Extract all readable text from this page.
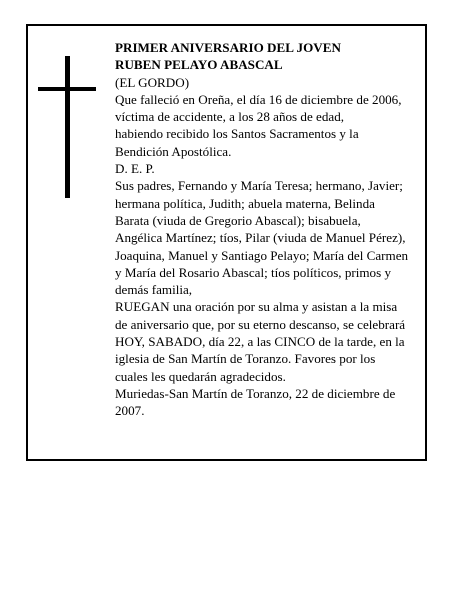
PRIMER ANIVERSARIO DEL JOVEN

RUBEN PELAYO ABASCAL

(EL GORDO)

Que falleció en Oreña, el día 16 de diciembre de 2006,

víctima de accidente, a los 28 años de edad,

habiendo recibido los Santos Sacramentos y la

Bendición Apostólica.

D. E. P.

Sus padres, Fernando y María Teresa; hermano, Javier;

hermana política, Judith; abuela materna, Belinda

Barata (viuda de Gregorio Abascal); bisabuela,

Angélica Martínez; tíos, Pilar (viuda de Manuel Pérez),

Joaquina, Manuel y Santiago Pelayo; María del Carmen

y María del Rosario Abascal; tíos políticos, primos y

demás familia,

RUEGAN una oración por su alma y asistan a la misa

de aniversario que, por su eterno descanso, se celebrará

HOY, SABADO, día 22, a las CINCO de la tarde, en la

iglesia de San Martín de Toranzo. Favores por los

cuales les quedarán agradecidos.

Muriedas-San Martín de Toranzo, 22 de diciembre de

2007.
